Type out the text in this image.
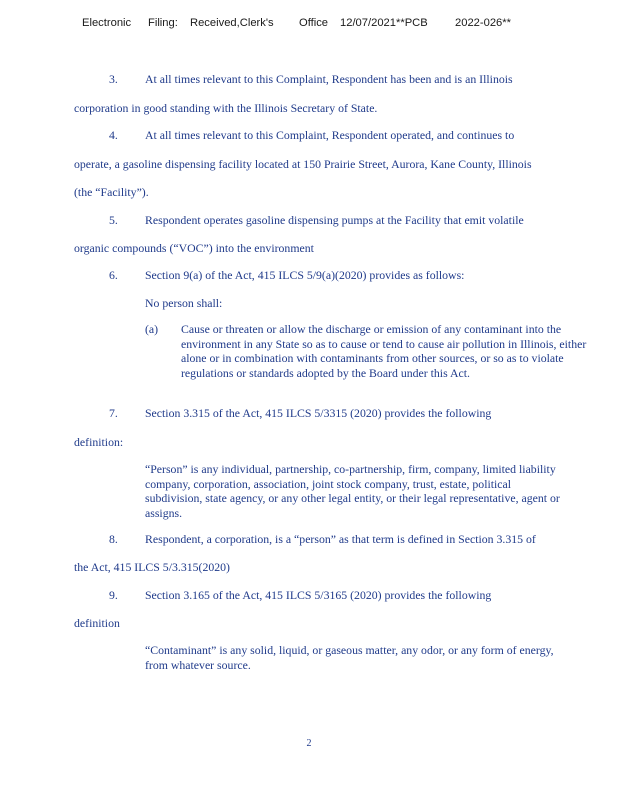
Electronic Filing: Received,Clerk's Office 12/07/2021**PCB 2022-026**
3. At all times relevant to this Complaint, Respondent has been and is an Illinois
corporation in good standing with the Illinois Secretary of State.
4. At all times relevant to this Complaint, Respondent operated, and continues to
operate, a gasoline dispensing facility located at 150 Prairie Street, Aurora, Kane County, Illinois
(the “Facility”).
5. Respondent operates gasoline dispensing pumps at the Facility that emit volatile
organic compounds (“VOC”) into the environment
6. Section 9(a) of the Act, 415 ILCS 5/9(a)(2020) provides as follows:
No person shall:
(a) Cause or threaten or allow the discharge or emission of any contaminant into the environment in any State so as to cause or tend to cause air pollution in Illinois, either alone or in combination with contaminants from other sources, or so as to violate regulations or standards adopted by the Board under this Act.
7. Section 3.315 of the Act, 415 ILCS 5/3315 (2020) provides the following
definition:
“Person” is any individual, partnership, co-partnership, firm, company, limited liability company, corporation, association, joint stock company, trust, estate, political subdivision, state agency, or any other legal entity, or their legal representative, agent or assigns.
8. Respondent, a corporation, is a “person” as that term is defined in Section 3.315 of
the Act, 415 ILCS 5/3.315(2020)
9. Section 3.165 of the Act, 415 ILCS 5/3165 (2020) provides the following
definition
“Contaminant” is any solid, liquid, or gaseous matter, any odor, or any form of energy, from whatever source.
2
